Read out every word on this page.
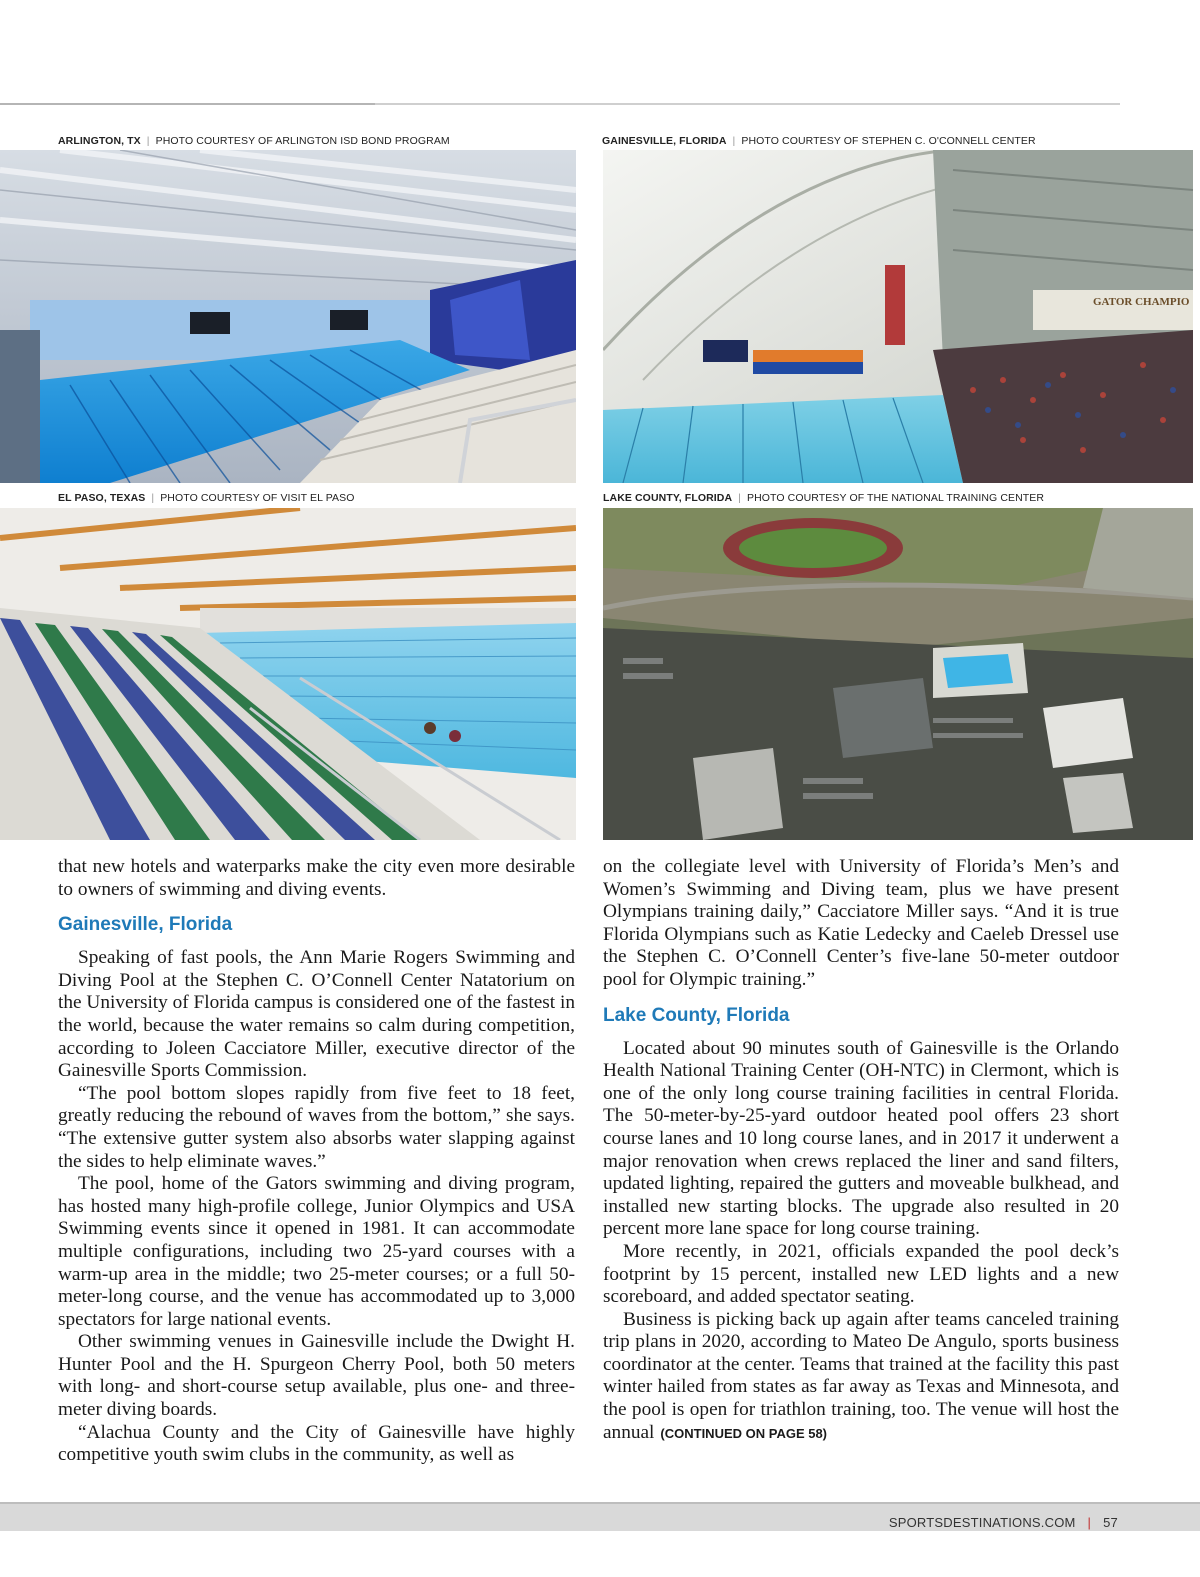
ARLINGTON, TX | PHOTO COURTESY OF ARLINGTON ISD BOND PROGRAM	GAINESVILLE, FLORIDA | PHOTO COURTESY OF STEPHEN C. O'CONNELL CENTER
EL PASO, TEXAS | PHOTO COURTESY OF VISIT EL PASO	LAKE COUNTY, FLORIDA | PHOTO COURTESY OF THE NATIONAL TRAINING CENTER
GATOR CHAMPIO

that new hotels and waterparks make the city even more desirable to owners of swimming and diving events.

Gainesville, Florida

Speaking of fast pools, the Ann Marie Rogers Swimming and Diving Pool at the Stephen C. O’Connell Center Natatorium on the University of Florida campus is considered one of the fastest in the world, because the water remains so calm during competition, according to Joleen Cacciatore Miller, executive director of the Gainesville Sports Commission.

“The pool bottom slopes rapidly from five feet to 18 feet, greatly reducing the rebound of waves from the bottom,” she says. “The extensive gutter system also absorbs water slapping against the sides to help eliminate waves.”

The pool, home of the Gators swimming and diving program, has hosted many high-profile college, Junior Olympics and USA Swimming events since it opened in 1981. It can accommodate multiple configurations, including two 25-yard courses with a warm-up area in the middle; two 25-meter courses; or a full 50-meter-long course, and the venue has accommodated up to 3,000 spectators for large national events.

Other swimming venues in Gainesville include the Dwight H. Hunter Pool and the H. Spurgeon Cherry Pool, both 50 meters with long- and short-course setup available, plus one- and three-meter diving boards.

“Alachua County and the City of Gainesville have highly competitive youth swim clubs in the community, as well as

on the collegiate level with University of Florida’s Men’s and Women’s Swimming and Diving team, plus we have present Olympians training daily,” Cacciatore Miller says. “And it is true Florida Olympians such as Katie Ledecky and Caeleb Dressel use the Stephen C. O’Connell Center’s five-lane 50-meter outdoor pool for Olympic training.”

Lake County, Florida

Located about 90 minutes south of Gainesville is the Orlando Health National Training Center (OH-NTC) in Clermont, which is one of the only long course training facilities in central Florida. The 50-meter-by-25-yard outdoor heated pool offers 23 short course lanes and 10 long course lanes, and in 2017 it underwent a major renovation when crews replaced the liner and sand filters, updated lighting, repaired the gutters and moveable bulkhead, and installed new starting blocks. The upgrade also resulted in 20 percent more lane space for long course training.

More recently, in 2021, officials expanded the pool deck’s footprint by 15 percent, installed new LED lights and a new scoreboard, and added spectator seating.

Business is picking back up again after teams canceled training trip plans in 2020, according to Mateo De Angulo, sports business coordinator at the center. Teams that trained at the facility this past winter hailed from states as far away as Texas and Minnesota, and the pool is open for triathlon training, too. The venue will host the annual (CONTINUED ON PAGE 58)

SPORTSDESTINATIONS.COM | 57
